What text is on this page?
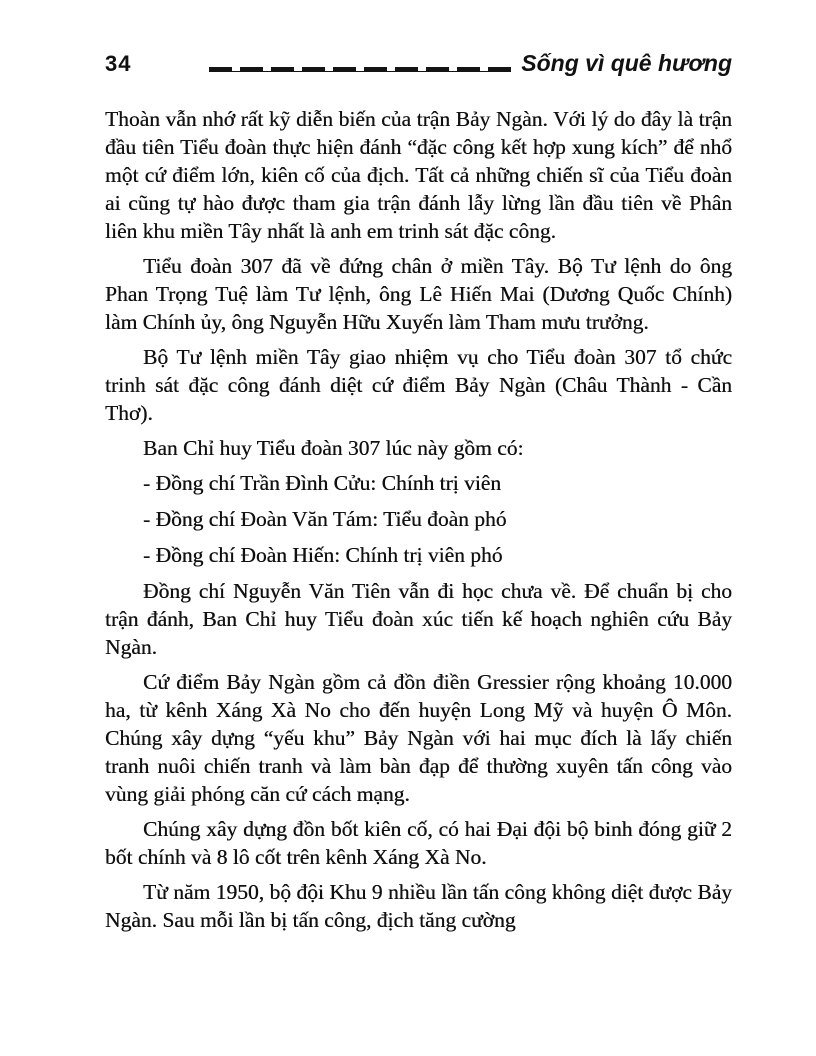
34	Sống vì quê hương

Thoàn vẫn nhớ rất kỹ diễn biến của trận Bảy Ngàn. Với lý do đây là trận đầu tiên Tiểu đoàn thực hiện đánh “đặc công kết hợp xung kích” để nhổ một cứ điểm lớn, kiên cố của địch. Tất cả những chiến sĩ của Tiểu đoàn ai cũng tự hào được tham gia trận đánh lẫy lừng lần đầu tiên về Phân liên khu miền Tây nhất là anh em trinh sát đặc công.

Tiểu đoàn 307 đã về đứng chân ở miền Tây. Bộ Tư lệnh do ông Phan Trọng Tuệ làm Tư lệnh, ông Lê Hiến Mai (Dương Quốc Chính) làm Chính ủy, ông Nguyễn Hữu Xuyến làm Tham mưu trưởng.

Bộ Tư lệnh miền Tây giao nhiệm vụ cho Tiểu đoàn 307 tổ chức trinh sát đặc công đánh diệt cứ điểm Bảy Ngàn (Châu Thành - Cần Thơ).

Ban Chỉ huy Tiểu đoàn 307 lúc này gồm có:

- Đồng chí Trần Đình Cửu: Chính trị viên

- Đồng chí Đoàn Văn Tám: Tiểu đoàn phó

- Đồng chí Đoàn Hiến: Chính trị viên phó

Đồng chí Nguyễn Văn Tiên vẫn đi học chưa về. Để chuẩn bị cho trận đánh, Ban Chỉ huy Tiểu đoàn xúc tiến kế hoạch nghiên cứu Bảy Ngàn.

Cứ điểm Bảy Ngàn gồm cả đồn điền Gressier rộng khoảng 10.000 ha, từ kênh Xáng Xà No cho đến huyện Long Mỹ và huyện Ô Môn. Chúng xây dựng “yếu khu” Bảy Ngàn với hai mục đích là lấy chiến tranh nuôi chiến tranh và làm bàn đạp để thường xuyên tấn công vào vùng giải phóng căn cứ cách mạng.

Chúng xây dựng đồn bốt kiên cố, có hai Đại đội bộ binh đóng giữ 2 bốt chính và 8 lô cốt trên kênh Xáng Xà No.

Từ năm 1950, bộ đội Khu 9 nhiều lần tấn công không diệt được Bảy Ngàn. Sau mỗi lần bị tấn công, địch tăng cường
